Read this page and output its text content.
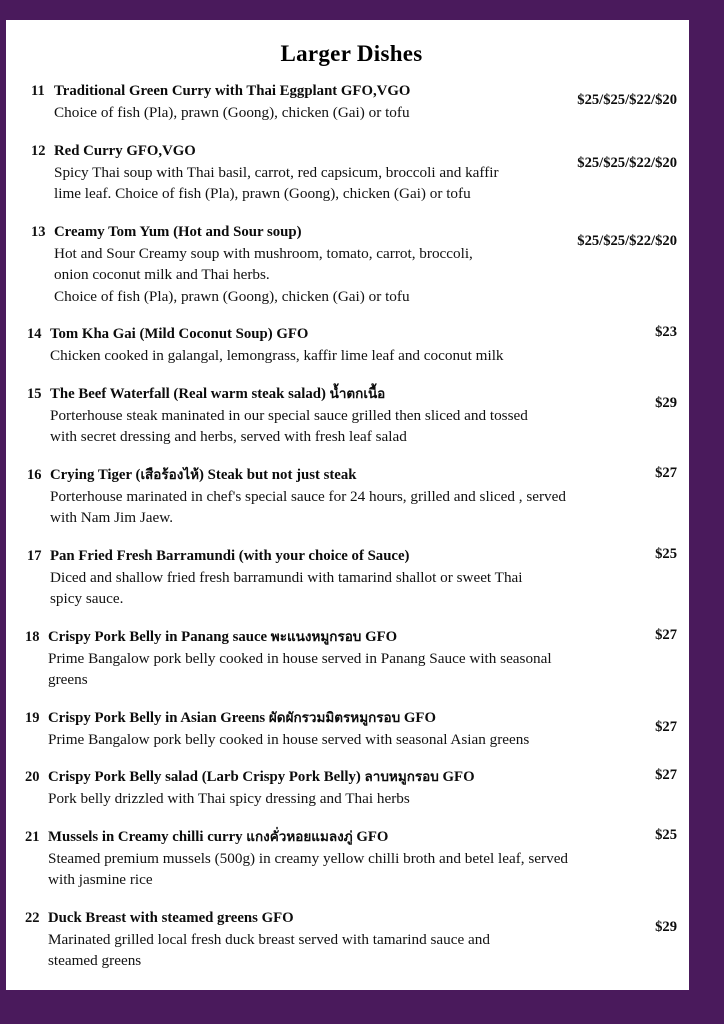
Larger Dishes
11 Traditional Green Curry with Thai Eggplant GFO,VGO
Choice of fish (Pla), prawn (Goong), chicken (Gai) or tofu
$25/$25/$22/$20
12 Red Curry GFO,VGO
Spicy Thai soup with Thai basil, carrot, red capsicum, broccoli and kaffir lime leaf. Choice of fish (Pla), prawn (Goong), chicken (Gai) or tofu
$25/$25/$22/$20
13 Creamy Tom Yum (Hot and Sour soup)
Hot and Sour Creamy soup with mushroom, tomato, carrot, broccoli, onion coconut milk and Thai herbs.
Choice of fish (Pla), prawn (Goong), chicken (Gai) or tofu
$25/$25/$22/$20
14 Tom Kha Gai (Mild Coconut Soup) GFO
Chicken cooked in galangal, lemongrass, kaffir lime leaf and coconut milk
$23
15 The Beef Waterfall (Real warm steak salad) น้ำตกเนื้อ
Porterhouse steak maninated in our special sauce grilled then sliced and tossed with secret dressing and herbs, served with fresh leaf salad
$29
16 Crying Tiger (เสือร้องไห้) Steak but not just steak
Porterhouse marinated in chef's special sauce for 24 hours, grilled and sliced , served with Nam Jim Jaew.
$27
17 Pan Fried Fresh Barramundi (with your choice of Sauce)
Diced and shallow fried fresh barramundi with tamarind shallot or sweet Thai spicy sauce.
$25
18 Crispy Pork Belly in Panang sauce พะแนงหมูกรอบ GFO
Prime Bangalow pork belly cooked in house served in Panang Sauce with seasonal greens
$27
19 Crispy Pork Belly in Asian Greens ผัดผักรวมมิตรหมูกรอบ GFO
Prime Bangalow pork belly cooked in house served with seasonal Asian greens
$27
20 Crispy Pork Belly salad (Larb Crispy Pork Belly) ลาบหมูกรอบ GFO
Pork belly drizzled with Thai spicy dressing and Thai herbs
$27
21 Mussels in Creamy chilli curry แกงคั่วหอยแมลงภู่ GFO
Steamed premium mussels (500g) in creamy yellow chilli broth and betel leaf, served with jasmine rice
$25
22 Duck Breast with steamed greens GFO
Marinated grilled local fresh duck breast served with tamarind sauce and steamed greens
$29
